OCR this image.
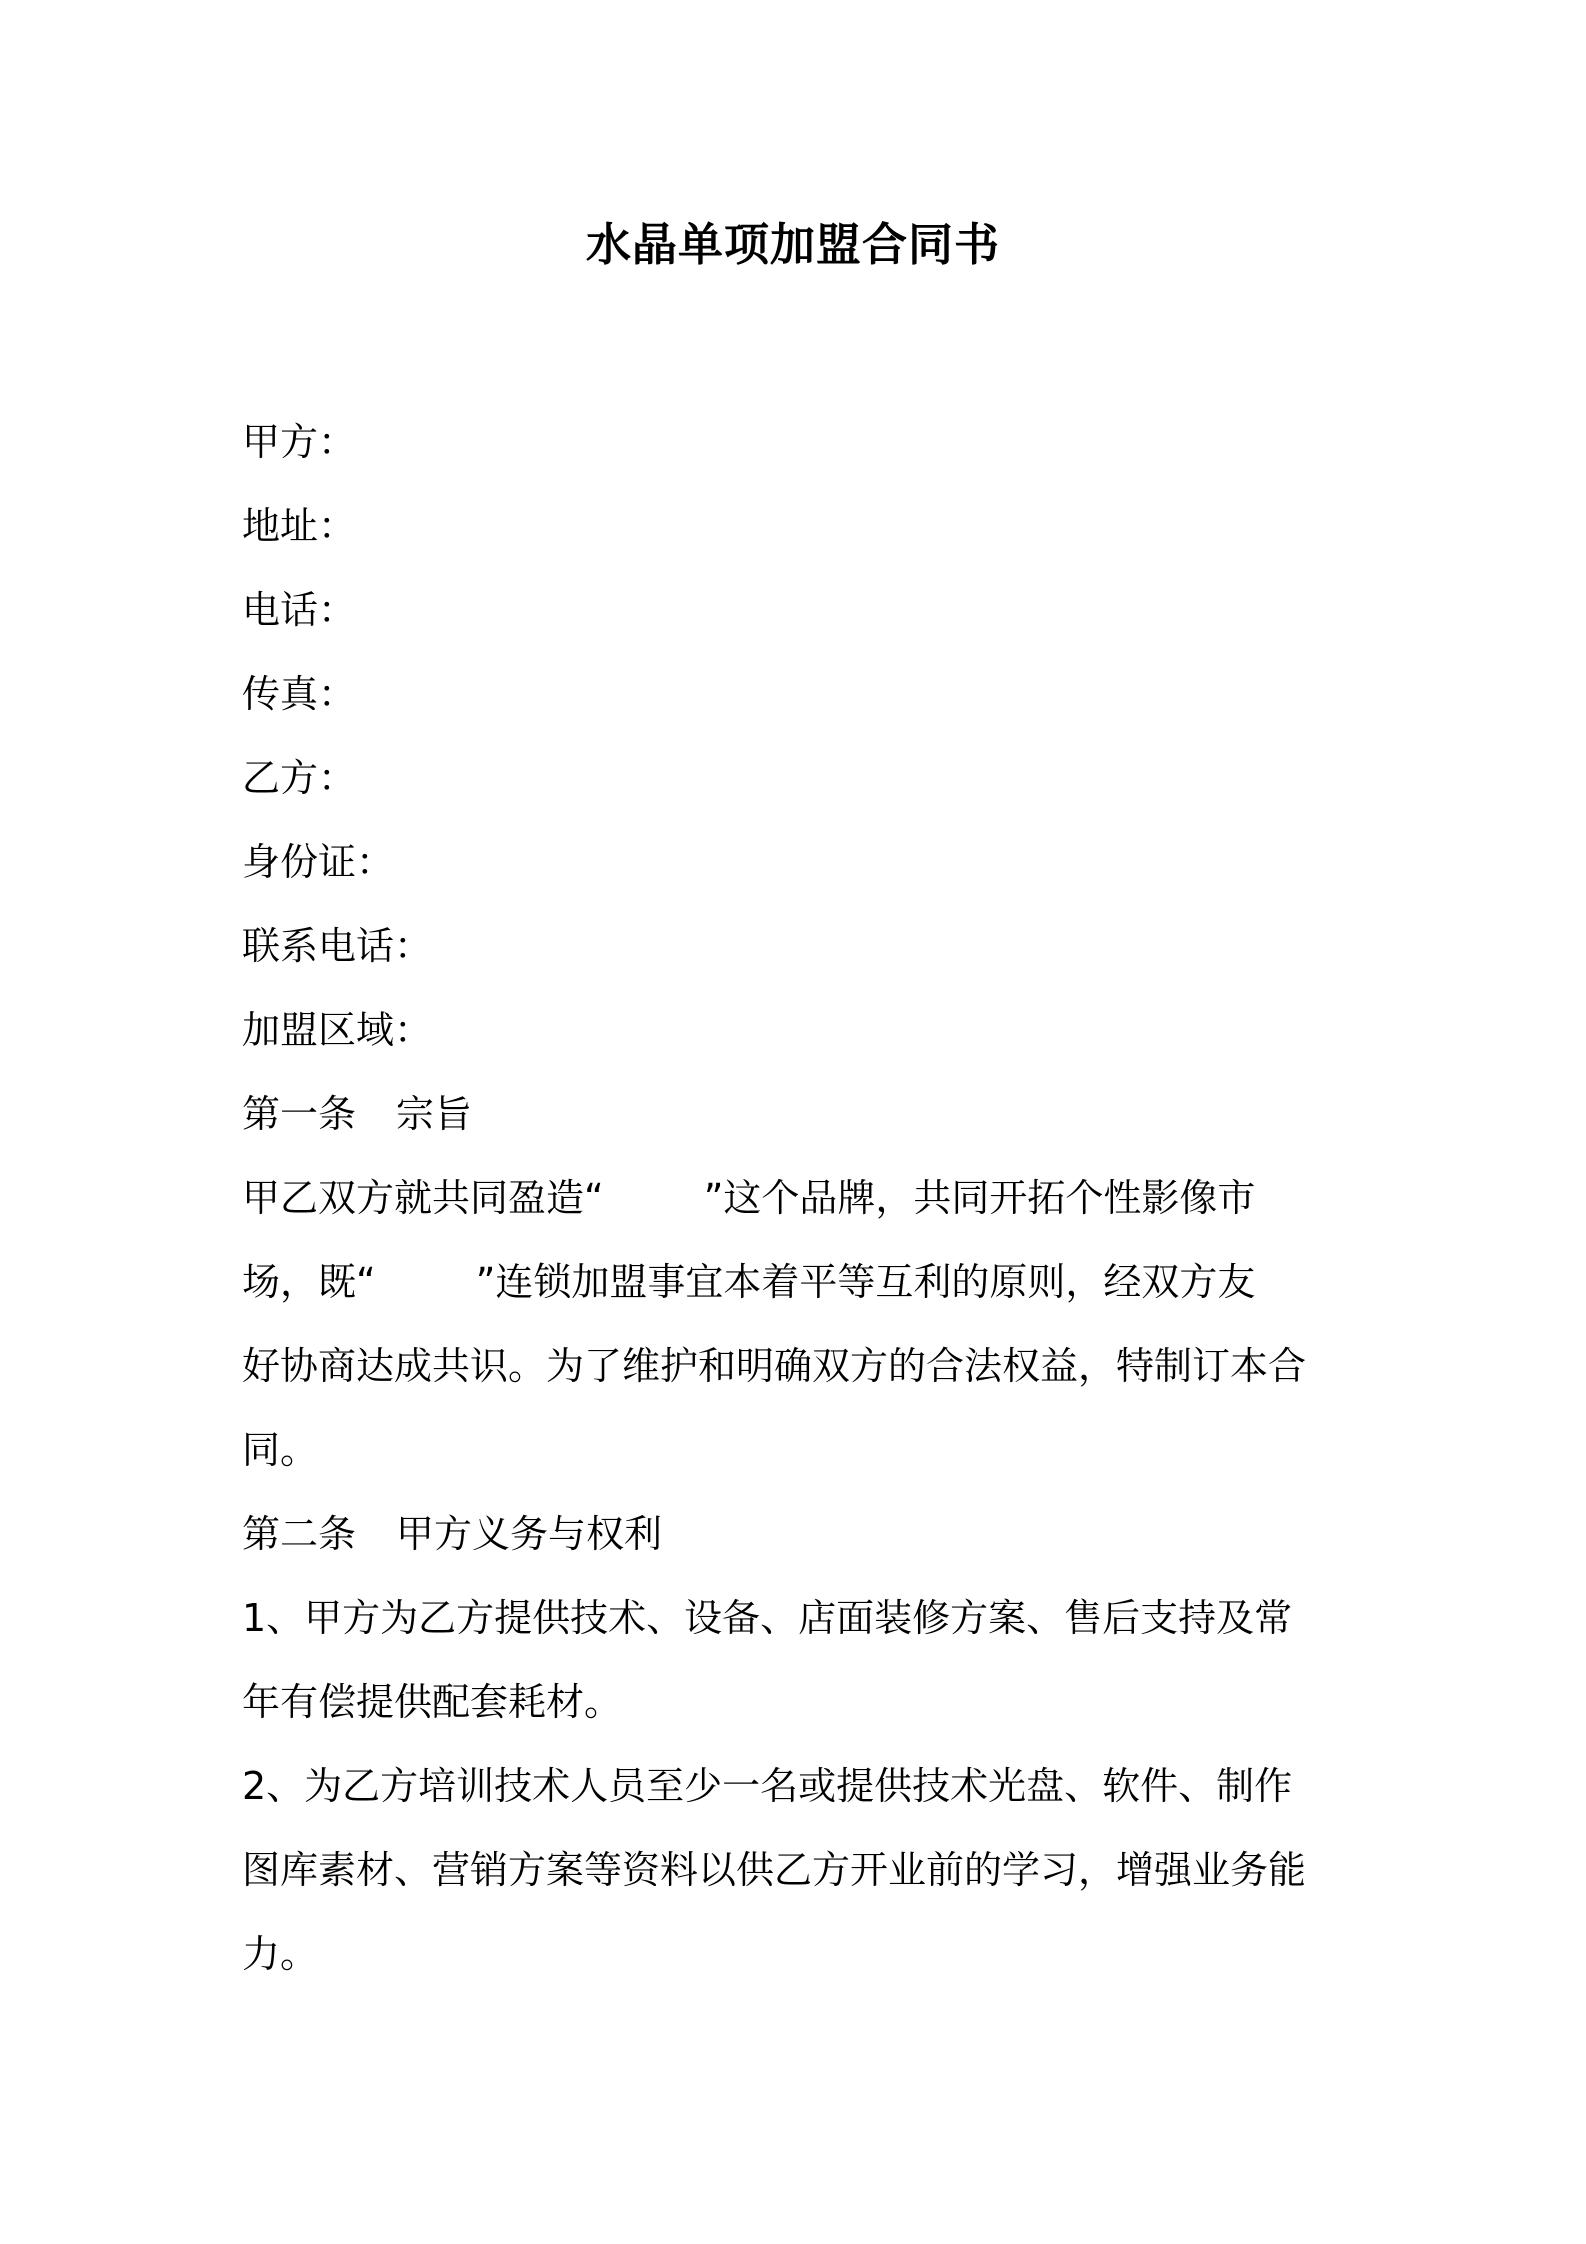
水晶单项加盟合同书
甲方：
地址：
电话：
传真：
乙方：
身份证：
联系电话：
加盟区域：
第一条 宗旨
甲乙双方就共同盈造“	”这个品牌，共同开拓个性影像市
场，既“	”连锁加盟事宜本着平等互利的原则，经双方友
好协商达成共识。为了维护和明确双方的合法权益，特制订本合
同。
第二条 甲方义务与权利
1、甲方为乙方提供技术、设备、店面装修方案、售后支持及常
年有偿提供配套耗材。
2、为乙方培训技术人员至少一名或提供技术光盘、软件、制作
图库素材、营销方案等资料以供乙方开业前的学习，增强业务能
力。
